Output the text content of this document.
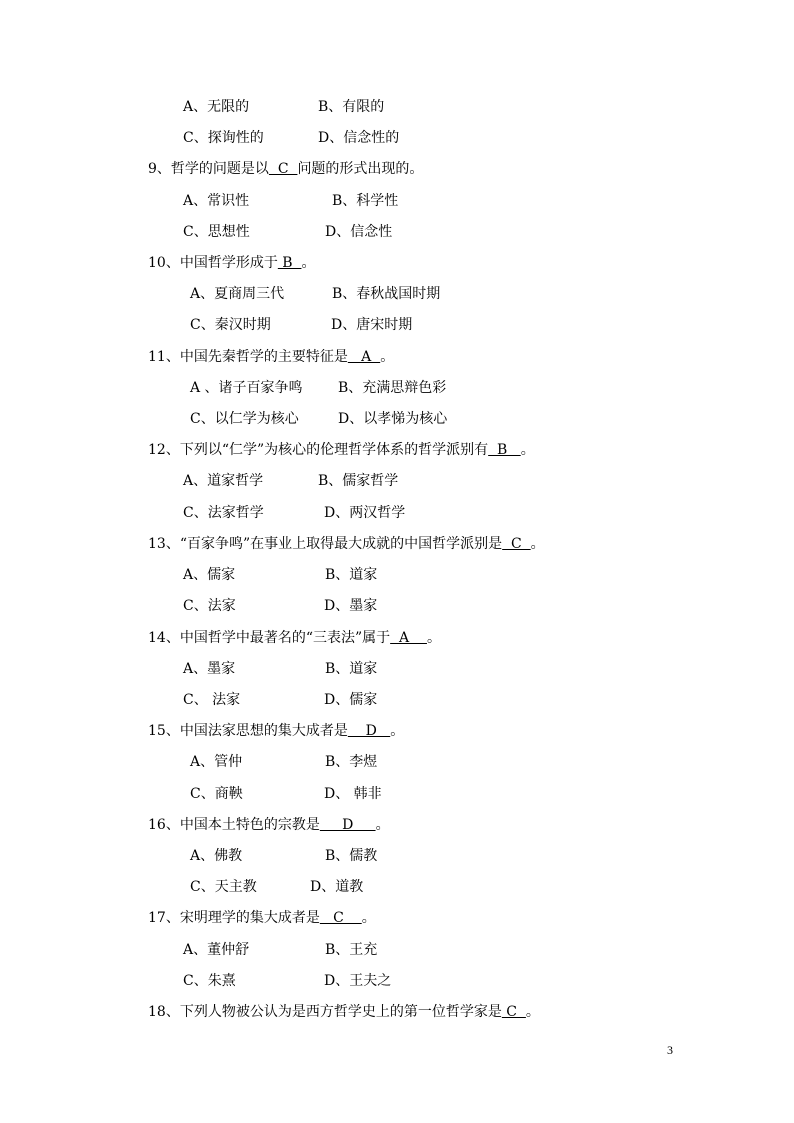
A、无限的	B、有限的
C、探询性的	D、信念性的
9、哲学的问题是以  C  问题的形式出现的。
A、常识性	B、科学性
C、思想性	D、信念性
10、中国哲学形成于 B  。
A、夏商周三代	B、春秋战国时期
C、秦汉时期	D、唐宋时期
11、中国先秦哲学的主要特征是   A  。
A 、诸子百家争鸣	B、充满思辩色彩
C、以仁学为核心	D、以孝悌为核心
12、下列以“仁学”为核心的伦理哲学体系的哲学派别有  B   。
A、道家哲学	B、儒家哲学
C、法家哲学	D、两汉哲学
13、“百家争鸣”在事业上取得最大成就的中国哲学派别是  C  。
A、儒家	B、道家
C、法家	D、墨家
14、中国哲学中最著名的“三表法”属于  A    。
A、墨家	B、道家
C、 法家	D、儒家
15、中国法家思想的集大成者是    D   。
A、管仲	B、李煜
C、商鞅	D、 韩非
16、中国本土特色的宗教是     D     。
A、佛教	B、儒教
C、天主教	D、道教
17、宋明理学的集大成者是   C    。
A、董仲舒	B、王充
C、朱熹	D、王夫之
18、下列人物被公认为是西方哲学史上的第一位哲学家是 C  。
3
